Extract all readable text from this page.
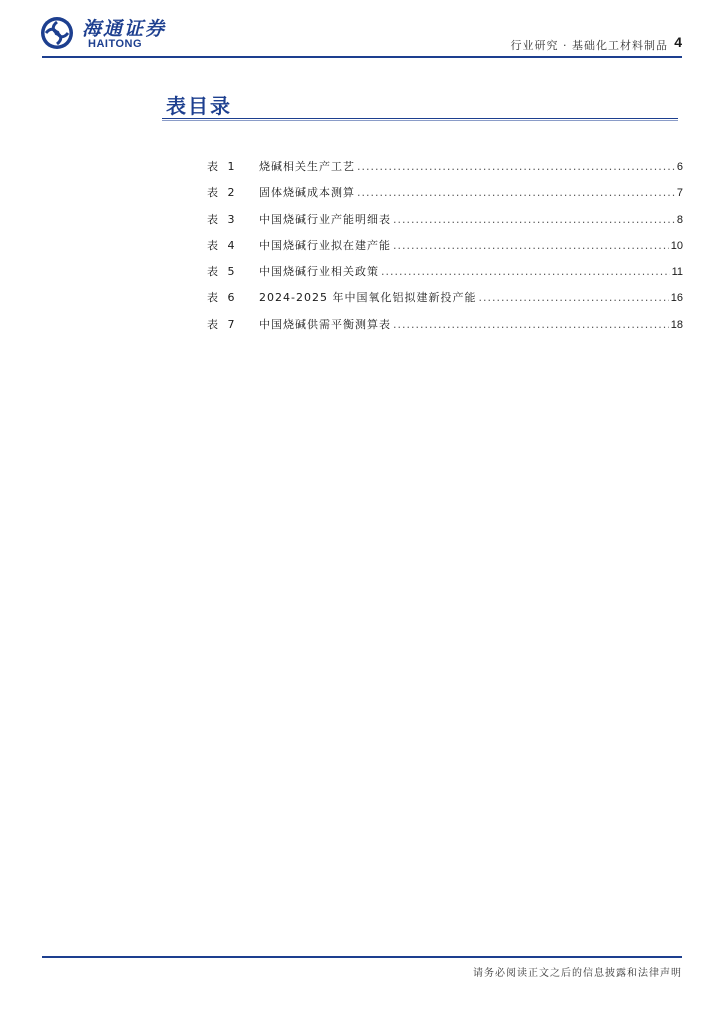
海通证券
HAITONG	行业研究 · 基础化工材料制品 4
表目录
表 1	烧碱相关生产工艺 .....	6
表 2	固体烧碱成本测算 .....	7
表 3	中国烧碱行业产能明细表 .....	8
表 4	中国烧碱行业拟在建产能 .....	10
表 5	中国烧碱行业相关政策 .....	11
表 6	2024-2025 年中国氧化铝拟建新投产能 .....	16
表 7	中国烧碱供需平衡测算表 .....	18
请务必阅读正文之后的信息披露和法律声明
